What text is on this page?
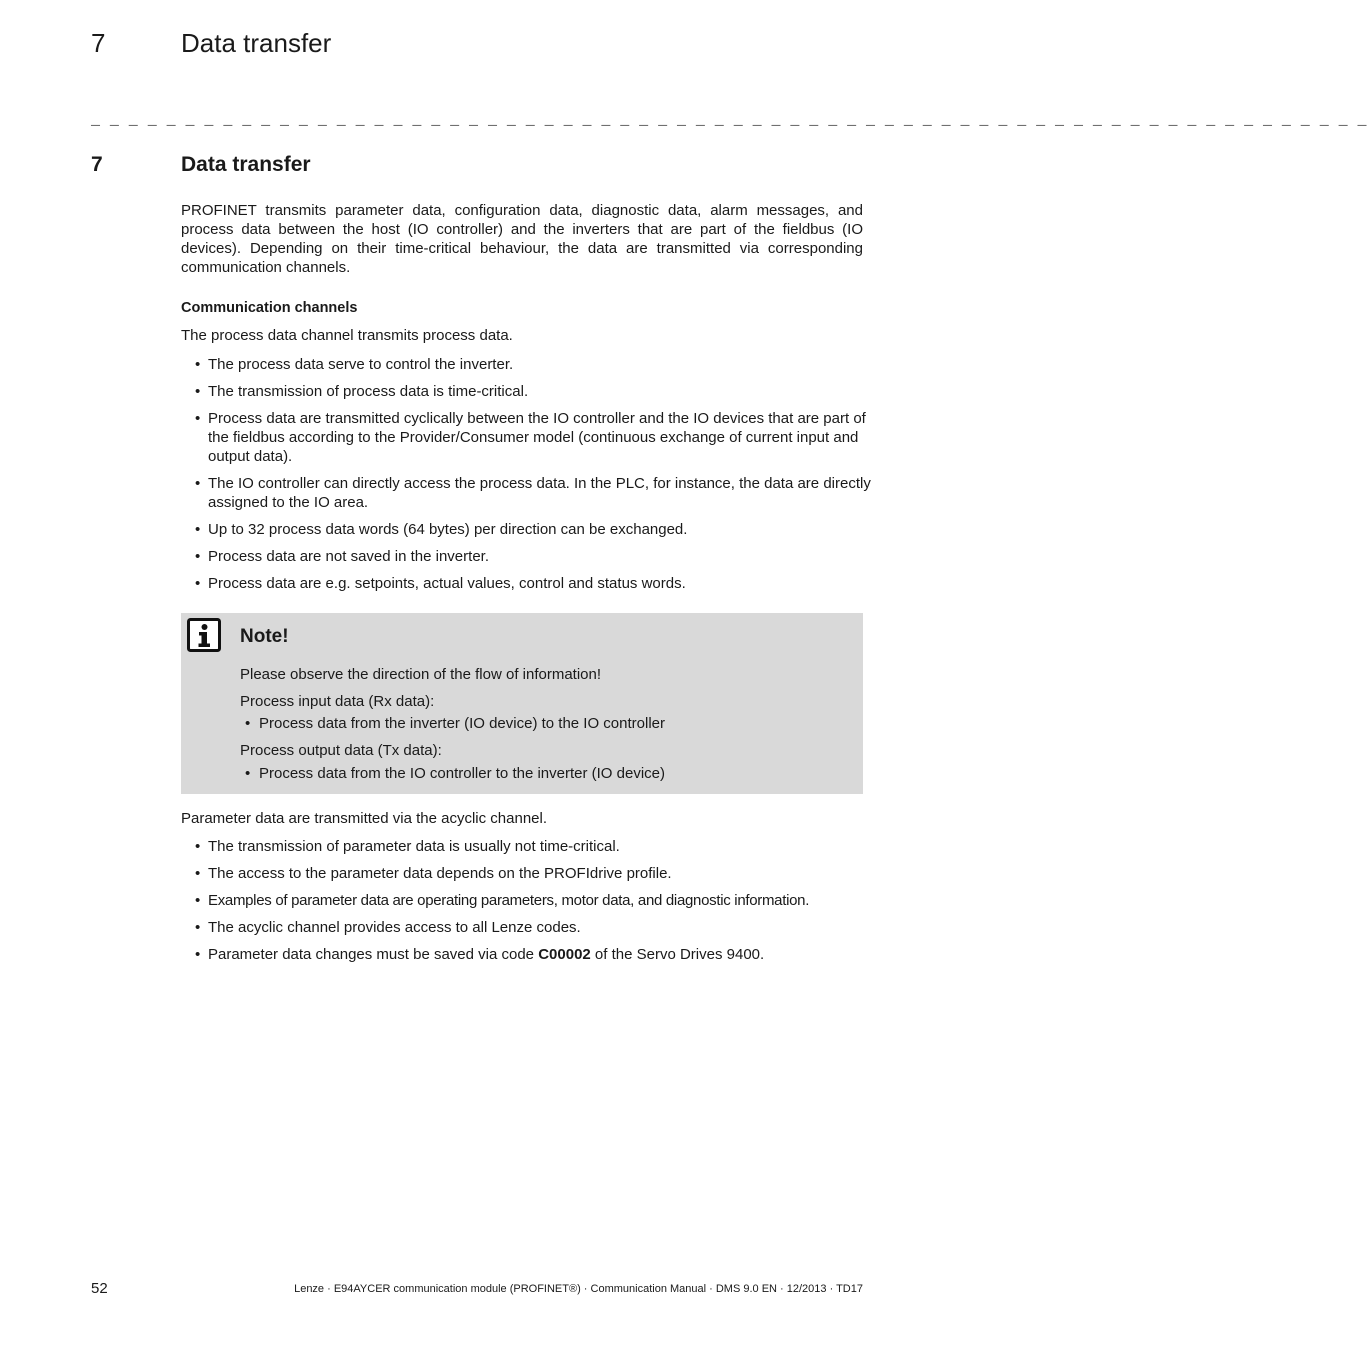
7	Data transfer
_ _ _ _ _ _ _ _ _ _ _ _ _ _ _ _ _ _ _ _ _ _ _ _ _ _ _ _ _ _ _ _ _ _ _ _ _ _ _ _ _ _ _ _ _ _ _ _ _ _ _ _ _ _ _ _ _ _ _ _ _ _ _ _ _ _ _ _
7	Data transfer
PROFINET transmits parameter data, configuration data, diagnostic data, alarm messages, and process data between the host (IO controller) and the inverters that are part of the fieldbus (IO devices). Depending on their time-critical behaviour, the data are transmitted via corresponding communication channels.
Communication channels
The process data channel transmits process data.
• The process data serve to control the inverter.
• The transmission of process data is time-critical.
• Process data are transmitted cyclically between the IO controller and the IO devices that are part of the fieldbus according to the Provider/Consumer model (continuous exchange of current input and output data).
• The IO controller can directly access the process data. In the PLC, for instance, the data are directly assigned to the IO area.
• Up to 32 process data words (64 bytes) per direction can be exchanged.
• Process data are not saved in the inverter.
• Process data are e.g. setpoints, actual values, control and status words.
Note!
Please observe the direction of the flow of information!
Process input data (Rx data):
• Process data from the inverter (IO device) to the IO controller
Process output data (Tx data):
• Process data from the IO controller to the inverter (IO device)
Parameter data are transmitted via the acyclic channel.
• The transmission of parameter data is usually not time-critical.
• The access to the parameter data depends on the PROFIdrive profile.
• Examples of parameter data are operating parameters, motor data, and diagnostic information.
• The acyclic channel provides access to all Lenze codes.
• Parameter data changes must be saved via code C00002 of the Servo Drives 9400.
52	Lenze · E94AYCER communication module (PROFINET®) · Communication Manual · DMS 9.0 EN · 12/2013 · TD17
